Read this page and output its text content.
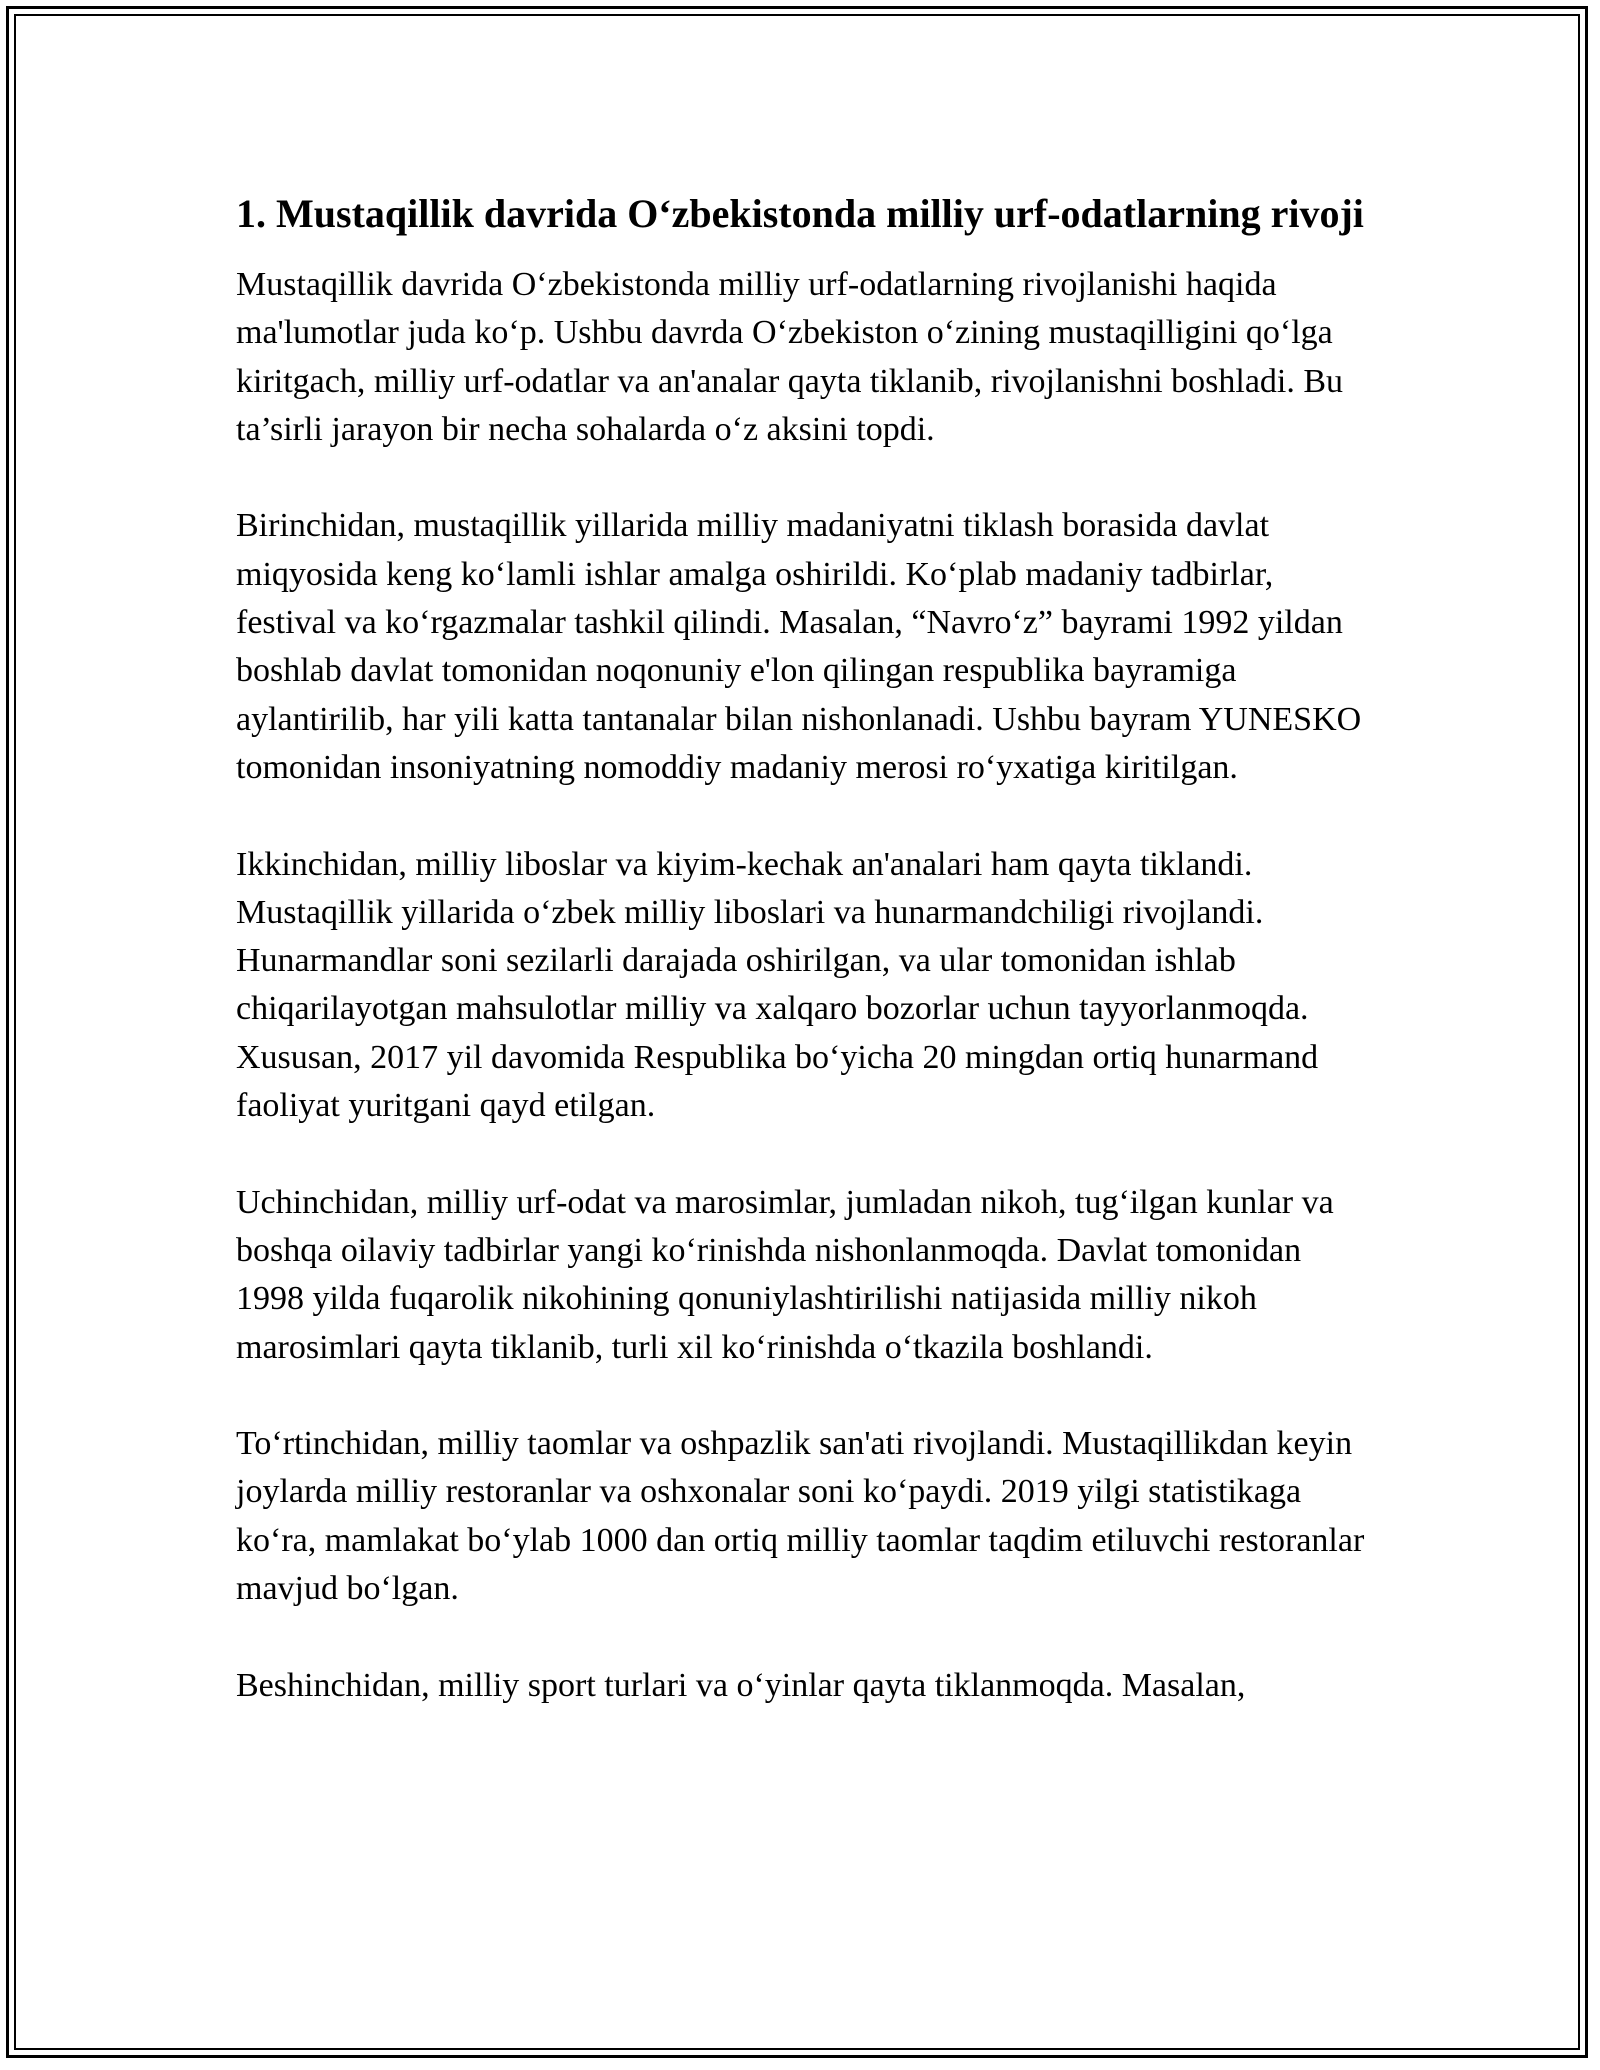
1. Mustaqillik davrida O‘zbekistonda milliy urf-odatlarning rivoji

Mustaqillik davrida O‘zbekistonda milliy urf-odatlarning rivojlanishi haqida ma'lumotlar juda ko‘p. Ushbu davrda O‘zbekiston o‘zining mustaqilligini qo‘lga kiritgach, milliy urf-odatlar va an'analar qayta tiklanib, rivojlanishni boshladi. Bu ta’sirli jarayon bir necha sohalarda o‘z aksini topdi.

Birinchidan, mustaqillik yillarida milliy madaniyatni tiklash borasida davlat miqyosida keng ko‘lamli ishlar amalga oshirildi. Ko‘plab madaniy tadbirlar, festival va ko‘rgazmalar tashkil qilindi. Masalan, “Navro‘z” bayrami 1992 yildan boshlab davlat tomonidan noqonuniy e'lon qilingan respublika bayramiga aylantirilib, har yili katta tantanalar bilan nishonlanadi. Ushbu bayram YUNESKO tomonidan insoniyatning nomoddiy madaniy merosi ro‘yxatiga kiritilgan.

Ikkinchidan, milliy liboslar va kiyim-kechak an'analari ham qayta tiklandi. Mustaqillik yillarida o‘zbek milliy liboslari va hunarmandchiligi rivojlandi. Hunarmandlar soni sezilarli darajada oshirilgan, va ular tomonidan ishlab chiqarilayotgan mahsulotlar milliy va xalqaro bozorlar uchun tayyorlanmoqda. Xususan, 2017 yil davomida Respublika bo‘yicha 20 mingdan ortiq hunarmand faoliyat yuritgani qayd etilgan.

Uchinchidan, milliy urf-odat va marosimlar, jumladan nikoh, tug‘ilgan kunlar va boshqa oilaviy tadbirlar yangi ko‘rinishda nishonlanmoqda. Davlat tomonidan 1998 yilda fuqarolik nikohining qonuniylashtirilishi natijasida milliy nikoh marosimlari qayta tiklanib, turli xil ko‘rinishda o‘tkazila boshlandi.

To‘rtinchidan, milliy taomlar va oshpazlik san'ati rivojlandi. Mustaqillikdan keyin joylarda milliy restoranlar va oshxonalar soni ko‘paydi. 2019 yilgi statistikaga ko‘ra, mamlakat bo‘ylab 1000 dan ortiq milliy taomlar taqdim etiluvchi restoranlar mavjud bo‘lgan.

Beshinchidan, milliy sport turlari va o‘yinlar qayta tiklanmoqda. Masalan,
